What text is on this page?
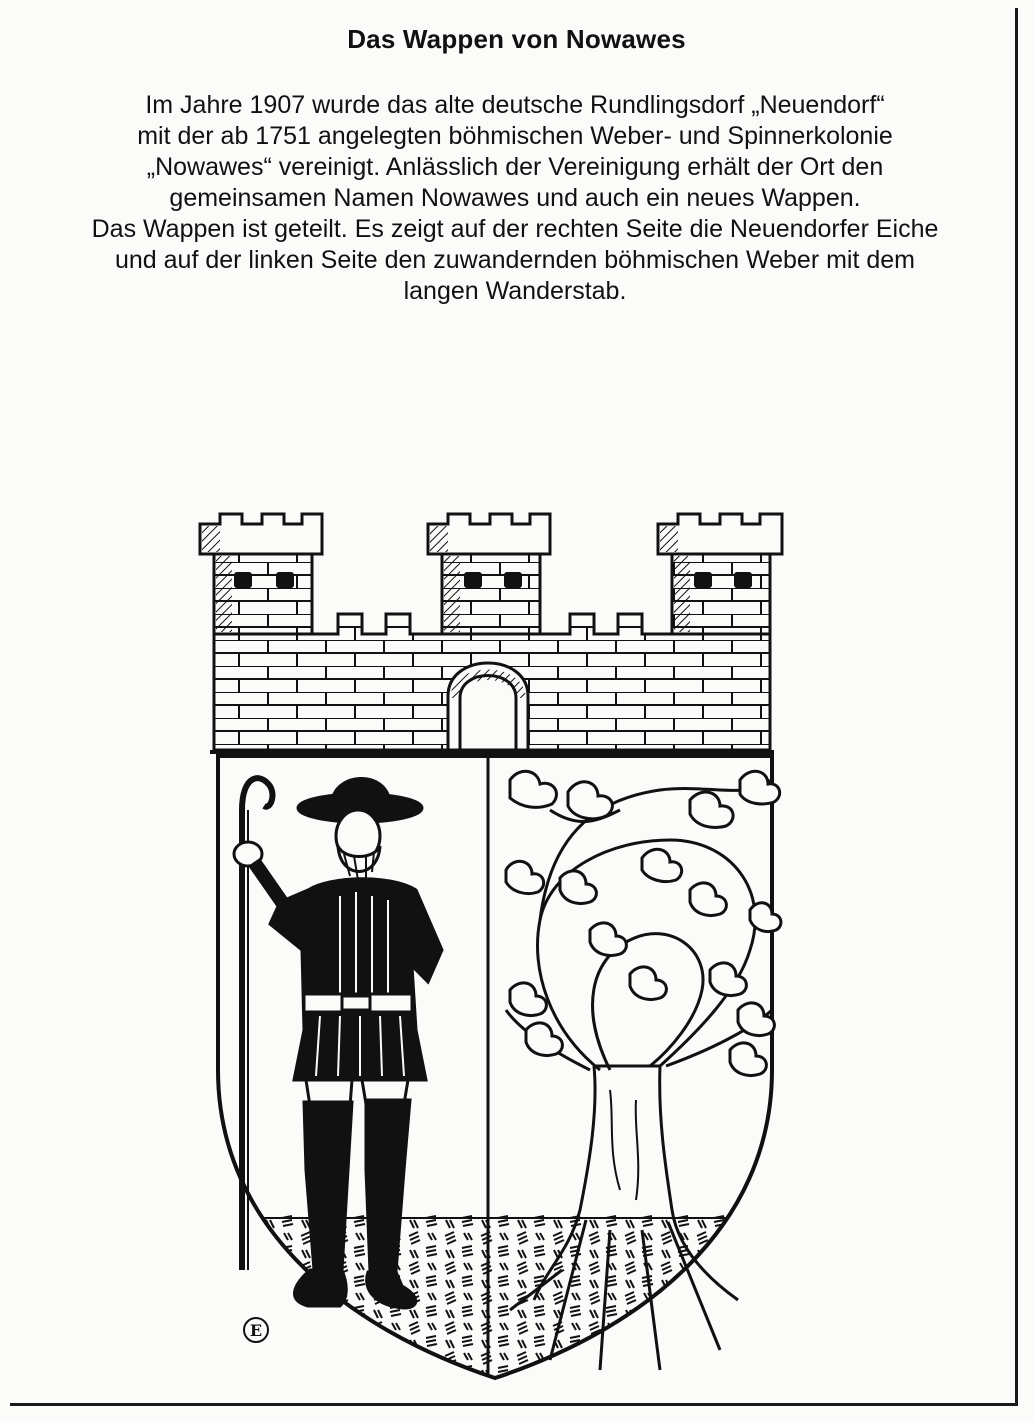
Das Wappen von Nowawes
Im Jahre 1907 wurde das alte deutsche Rundlingsdorf „Neuendorf“
mit der ab 1751 angelegten böhmischen Weber- und Spinnerkolonie
„Nowawes“ vereinigt. Anlässlich der Vereinigung erhält der Ort den
gemeinsamen Namen Nowawes und auch ein neues Wappen.
Das Wappen ist geteilt. Es zeigt auf der rechten Seite die Neuendorfer Eiche
und auf der linken Seite den zuwandernden böhmischen Weber mit dem
langen Wanderstab.
E
